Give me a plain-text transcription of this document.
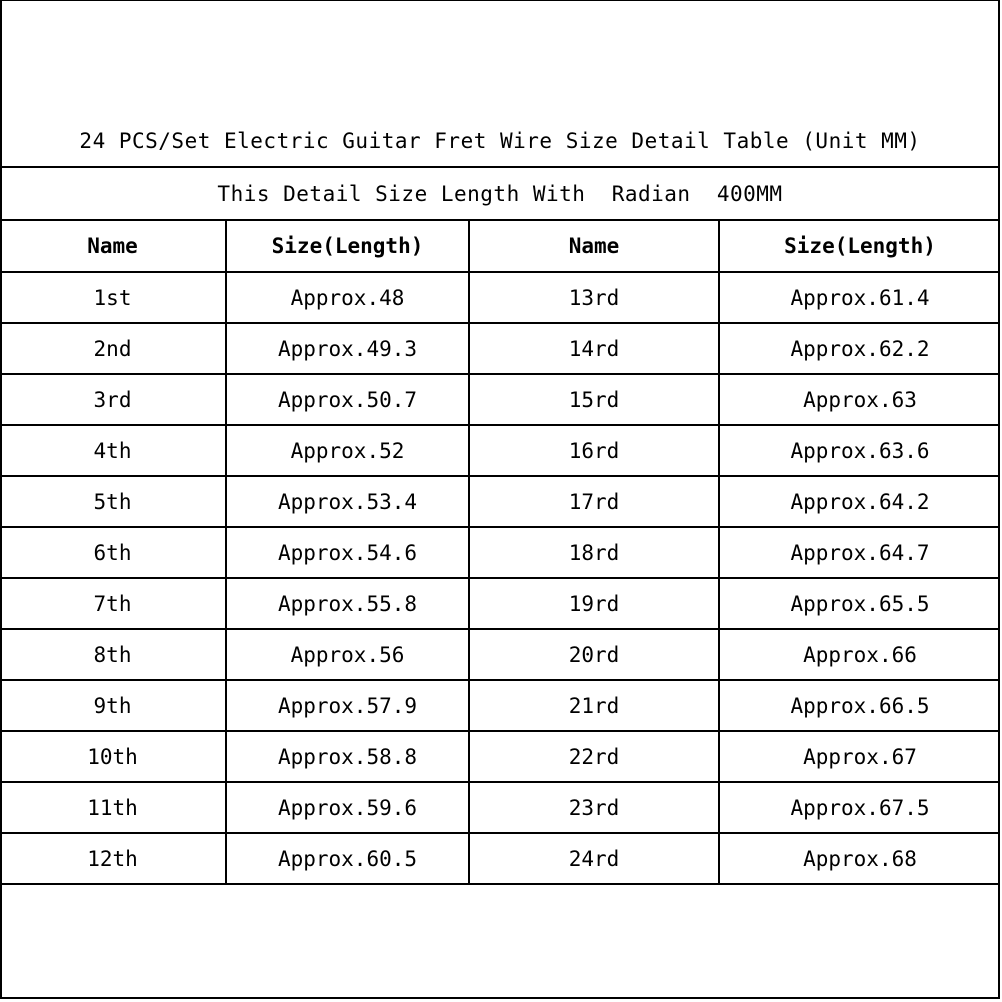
24 PCS/Set Electric Guitar Fret Wire Size Detail Table (Unit MM)
This Detail Size Length With  Radian  400MM
Name	Size(Length)	Name	Size(Length)
1st	Approx.48	13rd	Approx.61.4
2nd	Approx.49.3	14rd	Approx.62.2
3rd	Approx.50.7	15rd	Approx.63
4th	Approx.52	16rd	Approx.63.6
5th	Approx.53.4	17rd	Approx.64.2
6th	Approx.54.6	18rd	Approx.64.7
7th	Approx.55.8	19rd	Approx.65.5
8th	Approx.56	20rd	Approx.66
9th	Approx.57.9	21rd	Approx.66.5
10th	Approx.58.8	22rd	Approx.67
11th	Approx.59.6	23rd	Approx.67.5
12th	Approx.60.5	24rd	Approx.68
